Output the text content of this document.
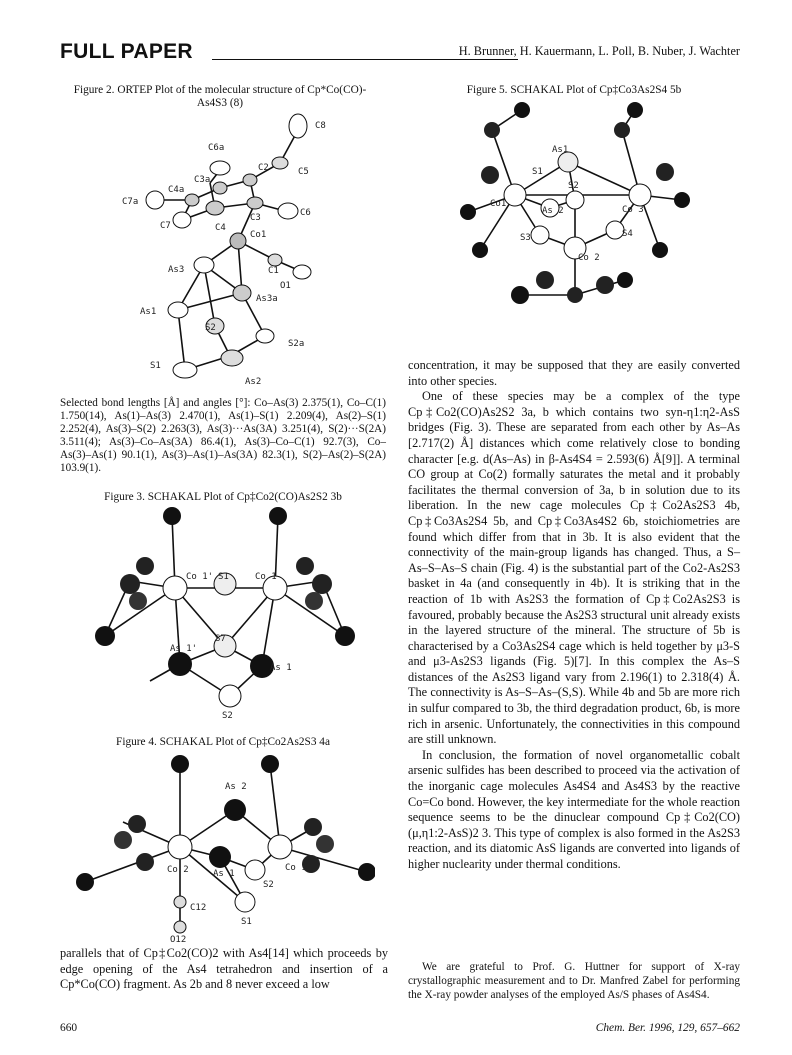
FULL PAPER	H. Brunner, H. Kauermann, L. Poll, B. Nuber, J. Wachter
Figure 2. ORTEP Plot of the molecular structure of Cp*Co(CO)-
As4S3 (8)
C8
C6a
C2	C5
C3a
C4a
C7a
C6
C3
C7	C4
Co1
As3	C1
O1
As3a
As1
S2
S2a
S1
As2
Selected bond lengths [Å] and angles [°]: Co–As(3) 2.375(1), Co–C(1) 1.750(14), As(1)–As(3) 2.470(1), As(1)–S(1) 2.209(4), As(2)–S(1) 2.252(4), As(3)–S(2) 2.263(3), As(3)···As(3A) 3.251(4), S(2)···S(2A) 3.511(4); As(3)–Co–As(3A) 86.4(1), As(3)–Co–C(1) 92.7(3), Co–As(3)–As(1) 90.1(1), As(3)–As(1)–As(3A) 82.3(1), S(2)–As(2)–S(2A) 103.9(1).
Figure 3. SCHAKAL Plot of Cp‡Co2(CO)As2S2 3b
Co 1' S1	Co 1
S7
As 1'
As 1
S2
Figure 4. SCHAKAL Plot of Cp‡Co2As2S3 4a
As 2
Co 2	As 1
S2
Co 1
C12
S1
O12

parallels that of Cp‡Co2(CO)2 with As4[14] which proceeds by edge opening of the As4 tetrahedron and insertion of a Cp*Co(CO) fragment. As 2b and 8 never exceed a low

Figure 5. SCHAKAL Plot of Cp‡Co3As2S4 5b
As1
S1
S2
Co1
As 2	Co 3
S3	S4
Co 2

concentration, it may be supposed that they are easily converted into other species.

One of these species may be a complex of the type Cp‡Co2(CO)As2S2 3a, b which contains two syn-η1:η2-AsS bridges (Fig. 3). These are separated from each other by As–As [2.717(2) Å] distances which come relatively close to bonding character [e.g. d(As–As) in β-As4S4 = 2.593(6) Å[9]]. A terminal CO group at Co(2) formally saturates the metal and it probably facilitates the thermal conversion of 3a, b in solution due to its liberation. In the new cage molecules Cp‡Co2As2S3 4b, Cp‡Co3As2S4 5b, and Cp‡Co3As4S2 6b, stoichiometries are found which differ from that in 3b. It is also evident that the connectivity of the main-group ligands has changed. Thus, a S–As–S–As–S chain (Fig. 4) is the substantial part of the Co2-As2S3 basket in 4a (and consequently in 4b). It is striking that in the reaction of 1b with As2S3 the formation of Cp‡Co2As2S3 is favoured, probably because the As2S3 structural unit already exists in the layered structure of the mineral. The structure of 5b is characterised by a Co3As2S4 cage which is held together by μ3-S and μ3-As2S3 ligands (Fig. 5)[7]. In this complex the As–S distances of the As2S3 ligand vary from 2.196(1) to 2.318(4) Å. The connectivity is As–S–As–(S,S). While 4b and 5b are more rich in sulfur compared to 3b, the third degradation product, 6b, is more rich in arsenic. Unfortunately, the connectivities in this compound are still unknown.

In conclusion, the formation of novel organometallic cobalt arsenic sulfides has been described to proceed via the activation of the inorganic cage molecules As4S4 and As4S3 by the reactive Co=Co bond. However, the key intermediate for the whole reaction sequence seems to be the dinuclear compound Cp‡Co2(CO)(μ,η1:2-AsS)2 3. This type of complex is also formed in the As2S3 reaction, and its diatomic AsS ligands are converted into ligands of higher nuclearity under thermal conditions.

We are grateful to Prof. G. Huttner for support of X-ray crystallographic measurement and to Dr. Manfred Zabel for performing the X-ray powder analyses of the employed As/S phases of As4S4.
660	Chem. Ber. 1996, 129, 657–662
